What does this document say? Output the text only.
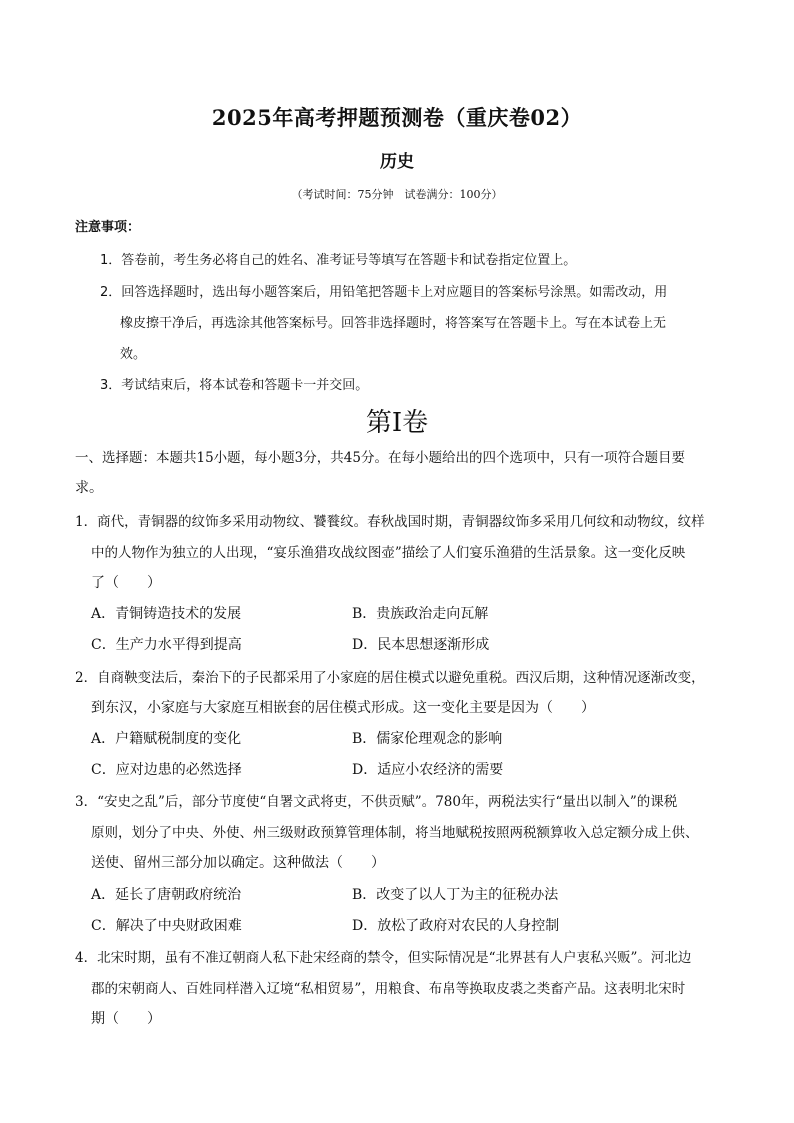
2025年高考押题预测卷（重庆卷02）
历史
（考试时间：75分钟　试卷满分：100分）
注意事项：
1．答卷前，考生务必将自己的姓名、准考证号等填写在答题卡和试卷指定位置上。
2．回答选择题时，选出每小题答案后，用铅笔把答题卡上对应题目的答案标号涂黑。如需改动，用
橡皮擦干净后，再选涂其他答案标号。回答非选择题时，将答案写在答题卡上。写在本试卷上无
效。
3．考试结束后，将本试卷和答题卡一并交回。
第Ⅰ卷
一、选择题：本题共15小题，每小题3分，共45分。在每小题给出的四个选项中，只有一项符合题目要
求。
1．商代，青铜器的纹饰多采用动物纹、饕餮纹。春秋战国时期，青铜器纹饰多采用几何纹和动物纹，纹样
中的人物作为独立的人出现，“宴乐渔猎攻战纹图壶”描绘了人们宴乐渔猎的生活景象。这一变化反映
了（　　）
A．青铜铸造技术的发展	B．贵族政治走向瓦解
C．生产力水平得到提高	D．民本思想逐渐形成
2．自商鞅变法后，秦治下的子民都采用了小家庭的居住模式以避免重税。西汉后期，这种情况逐渐改变，
到东汉，小家庭与大家庭互相嵌套的居住模式形成。这一变化主要是因为（　　）
A．户籍赋税制度的变化	B．儒家伦理观念的影响
C．应对边患的必然选择	D．适应小农经济的需要
3．“安史之乱”后，部分节度使“自署文武将吏，不供贡赋”。780年，两税法实行“量出以制入”的课税
原则，划分了中央、外使、州三级财政预算管理体制，将当地赋税按照两税额算收入总定额分成上供、
送使、留州三部分加以确定。这种做法（　　）
A．延长了唐朝政府统治	B．改变了以人丁为主的征税办法
C．解决了中央财政困难	D．放松了政府对农民的人身控制
4．北宋时期，虽有不准辽朝商人私下赴宋经商的禁令，但实际情况是“北界甚有人户衷私兴贩”。河北边
郡的宋朝商人、百姓同样潜入辽境“私相贸易”，用粮食、布帛等换取皮裘之类畜产品。这表明北宋时
期（　　）
